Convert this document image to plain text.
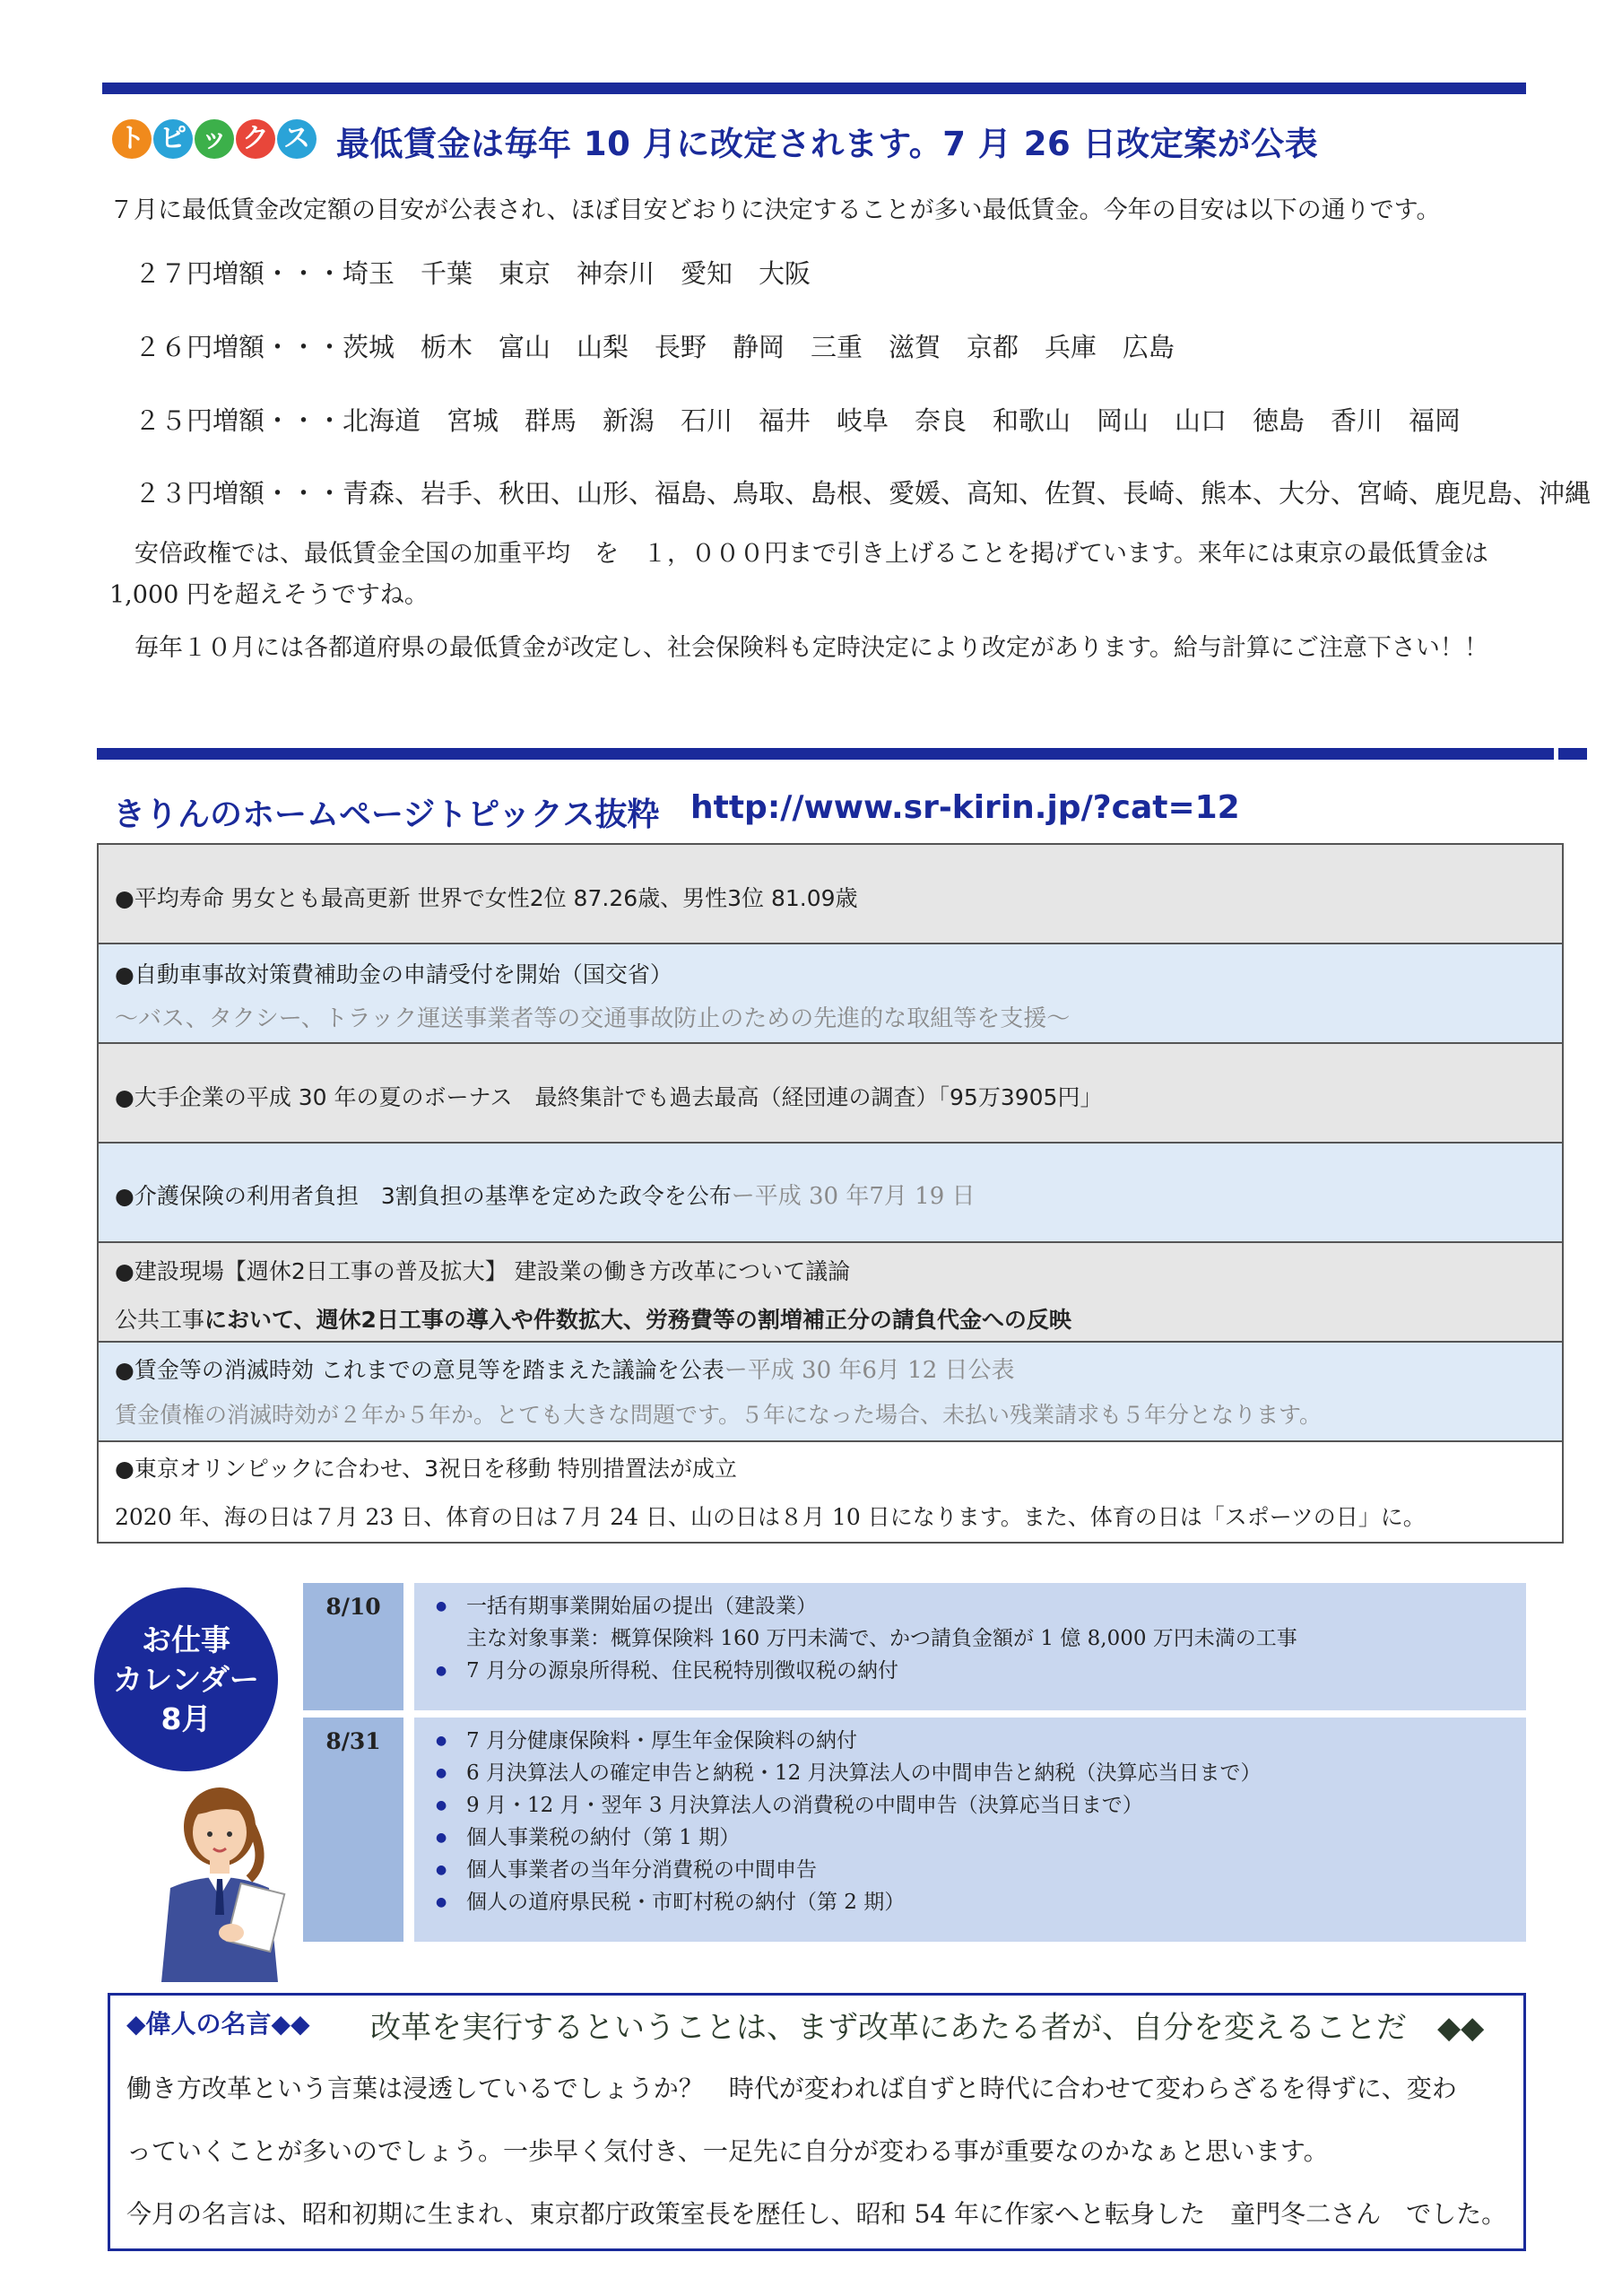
ト ピ ッ ク ス 最低賃金は毎年 10 月に改定されます。7 月 26 日改定案が公表
７月に最低賃金改定額の目安が公表され、ほぼ目安どおりに決定することが多い最低賃金。今年の目安は以下の通りです。
２７円増額・・・埼玉　千葉　東京　神奈川　愛知　大阪
２６円増額・・・茨城　栃木　富山　山梨　長野　静岡　三重　滋賀　京都　兵庫　広島
２５円増額・・・北海道　宮城　群馬　新潟　石川　福井　岐阜　奈良　和歌山　岡山　山口　徳島　香川　福岡
２３円増額・・・青森、岩手、秋田、山形、福島、鳥取、島根、愛媛、高知、佐賀、長崎、熊本、大分、宮崎、鹿児島、沖縄
安倍政権では、最低賃金全国の加重平均　を　１，０００円まで引き上げることを掲げています。来年には東京の最低賃金は1,000 円を超えそうですね。
毎年１０月には各都道府県の最低賃金が改定し、社会保険料も定時決定により改定があります。給与計算にご注意下さい！！
きりんのホームページトピックス抜粋 http://www.sr-kirin.jp/?cat=12
●平均寿命 男女とも最高更新 世界で女性2位 87.26歳、男性3位 81.09歳
●自動車事故対策費補助金の申請受付を開始（国交省）
～バス、タクシー、トラック運送事業者等の交通事故防止のための先進的な取組等を支援～
●大手企業の平成 30 年の夏のボーナス　最終集計でも過去最高（経団連の調査）「95万3905円」
●介護保険の利用者負担　3割負担の基準を定めた政令を公布ー平成 30 年7月 19 日
●建設現場【週休2日工事の普及拡大】 建設業の働き方改革について議論
公共工事において、週休2日工事の導入や件数拡大、労務費等の割増補正分の請負代金への反映
●賃金等の消滅時効 これまでの意見等を踏まえた議論を公表ー平成 30 年6月 12 日公表
賃金債権の消滅時効が２年か５年か。とても大きな問題です。５年になった場合、未払い残業請求も５年分となります。
●東京オリンピックに合わせ、3祝日を移動 特別措置法が成立
2020 年、海の日は７月 23 日、体育の日は７月 24 日、山の日は８月 10 日になります。また、体育の日は「スポーツの日」に。
お仕事
カレンダー
8月
8/10	● 一括有期事業開始届の提出（建設業）
主な対象事業：概算保険料 160 万円未満で、かつ請負金額が 1 億 8,000 万円未満の工事
● 7 月分の源泉所得税、住民税特別徴収税の納付
8/31	● 7 月分健康保険料・厚生年金保険料の納付
● 6 月決算法人の確定申告と納税・12 月決算法人の中間申告と納税（決算応当日まで）
● 9 月・12 月・翌年 3 月決算法人の消費税の中間申告（決算応当日まで）
● 個人事業税の納付（第 1 期）
● 個人事業者の当年分消費税の中間申告
● 個人の道府県民税・市町村税の納付（第 2 期）
◆偉人の名言◆◆ 改革を実行するということは、まず改革にあたる者が、自分を変えることだ　◆◆
働き方改革という言葉は浸透しているでしょうか？　時代が変われば自ずと時代に合わせて変わらざるを得ずに、変わ
っていくことが多いのでしょう。一歩早く気付き、一足先に自分が変わる事が重要なのかなぁと思います。
今月の名言は、昭和初期に生まれ、東京都庁政策室長を歴任し、昭和 54 年に作家へと転身した　童門冬二さん　でした。
